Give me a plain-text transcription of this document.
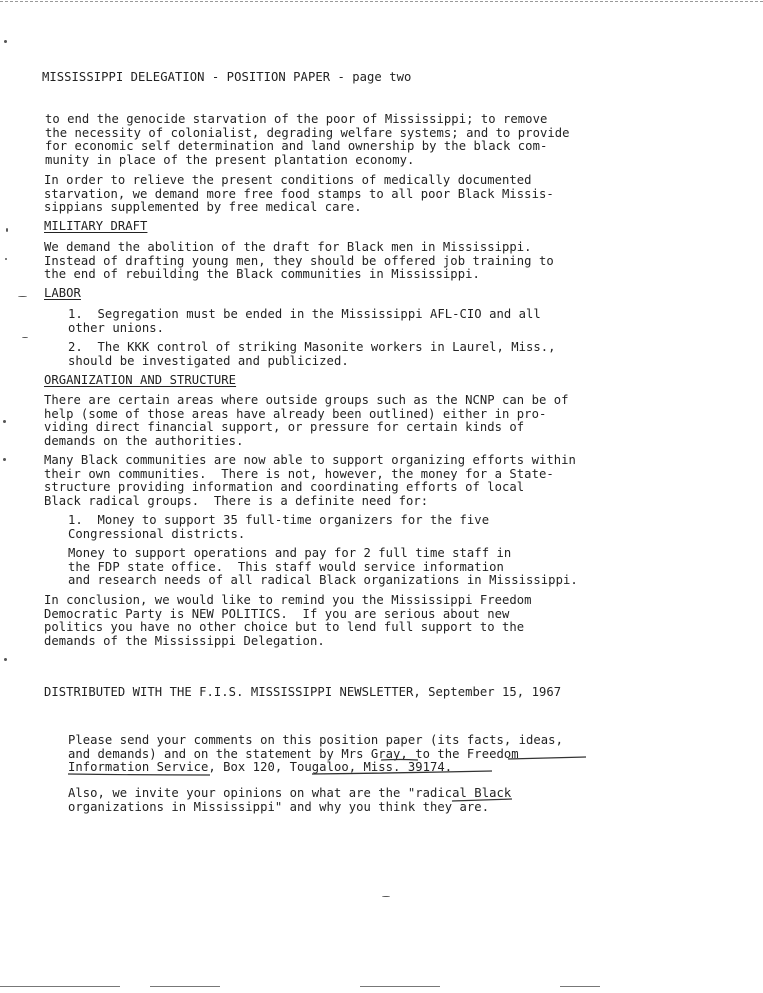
MISSISSIPPI DELEGATION - POSITION PAPER - page two

to end the genocide starvation of the poor of Mississippi; to remove

the necessity of colonialist, degrading welfare systems; and to provide

for economic self determination and land ownership by the black com-

munity in place of the present plantation economy.

In order to relieve the present conditions of medically documented

starvation, we demand more free food stamps to all poor Black Missis-

sippians supplemented by free medical care.

MILITARY DRAFT

We demand the abolition of the draft for Black men in Mississippi.

Instead of drafting young men, they should be offered job training to

the end of rebuilding the Black communities in Mississippi.

LABOR

1.  Segregation must be ended in the Mississippi AFL-CIO and all

other unions.

2.  The KKK control of striking Masonite workers in Laurel, Miss.,

should be investigated and publicized.

ORGANIZATION AND STRUCTURE

There are certain areas where outside groups such as the NCNP can be of

help (some of those areas have already been outlined) either in pro-

viding direct financial support, or pressure for certain kinds of

demands on the authorities.

Many Black communities are now able to support organizing efforts within

their own communities.  There is not, however, the money for a State-

structure providing information and coordinating efforts of local

Black radical groups.  There is a definite need for:

1.  Money to support 35 full-time organizers for the five

Congressional districts.

Money to support operations and pay for 2 full time staff in

the FDP state office.  This staff would service information

and research needs of all radical Black organizations in Mississippi.

In conclusion, we would like to remind you the Mississippi Freedom

Democratic Party is NEW POLITICS.  If you are serious about new

politics you have no other choice but to lend full support to the

demands of the Mississippi Delegation.

DISTRIBUTED WITH THE F.I.S. MISSISSIPPI NEWSLETTER, September 15, 1967

Please send your comments on this position paper (its facts, ideas,

and demands) and on the statement by Mrs Gray, to the Freedom

Information Service, Box 120, Tougaloo, Miss. 39174.

Also, we invite your opinions on what are the "radical Black

organizations in Mississippi" and why you think they are.
